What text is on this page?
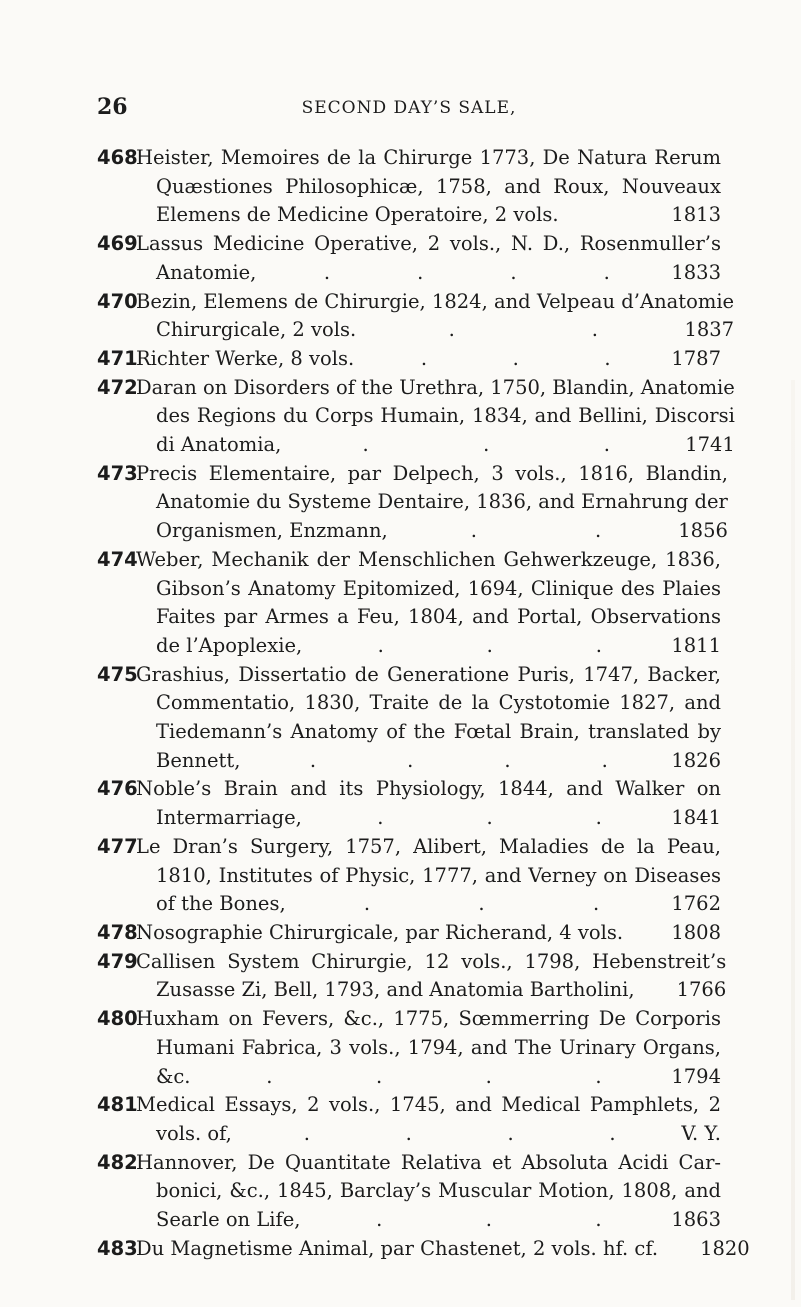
26	SECOND DAY’S SALE,
468
Heister, Memoires de la Chirurge 1773, De Natura Rerum
Quæstiones Philosophicæ, 1758, and Roux, Nouveaux
Elemens de Medicine Operatoire, 2 vols.	1813
469
Lassus Medicine Operative, 2 vols., N. D., Rosenmuller’s
Anatomie,	.	.	.	.	1833
470
Bezin, Elemens de Chirurgie, 1824, and Velpeau d’Anatomie
Chirurgicale, 2 vols.	.	.	1837
471
Richter Werke, 8 vols.	.	.	.	1787
472
Daran on Disorders of the Urethra, 1750, Blandin, Anatomie
des Regions du Corps Humain, 1834, and Bellini, Discorsi
di Anatomia,	.	.	.	1741
473
Precis Elementaire, par Delpech, 3 vols., 1816, Blandin,
Anatomie du Systeme Dentaire, 1836, and Ernahrung der
Organismen, Enzmann,	.	.	1856
474
Weber, Mechanik der Menschlichen Gehwerkzeuge, 1836,
Gibson’s Anatomy Epitomized, 1694, Clinique des Plaies
Faites par Armes a Feu, 1804, and Portal, Observations
de l’Apoplexie,	.	.	.	1811
475
Grashius, Dissertatio de Generatione Puris, 1747, Backer,
Commentatio, 1830, Traite de la Cystotomie 1827, and
Tiedemann’s Anatomy of the Fœtal Brain, translated by
Bennett,	.	.	.	.	1826
476
Noble’s Brain and its Physiology, 1844, and Walker on
Intermarriage,	.	.	.	1841
477
Le Dran’s Surgery, 1757, Alibert, Maladies de la Peau,
1810, Institutes of Physic, 1777, and Verney on Diseases
of the Bones,	.	.	.	1762
478
Nosographie Chirurgicale, par Richerand, 4 vols. 1808
479
Callisen System Chirurgie, 12 vols., 1798, Hebenstreit’s
Zusasse Zi, Bell, 1793, and Anatomia Bartholini, 1766
480
Huxham on Fevers, &c., 1775, Sœmmerring De Corporis
Humani Fabrica, 3 vols., 1794, and The Urinary Organs,
&c.	.	.	.	.	1794
481
Medical Essays, 2 vols., 1745, and Medical Pamphlets, 2
vols. of,	.	.	.	.	V. Y.
482
Hannover, De Quantitate Relativa et Absoluta Acidi Car-
bonici, &c., 1845, Barclay’s Muscular Motion, 1808, and
Searle on Life,	.	.	.	1863
483
Du Magnetisme Animal, par Chastenet, 2 vols. hf. cf. 1820
